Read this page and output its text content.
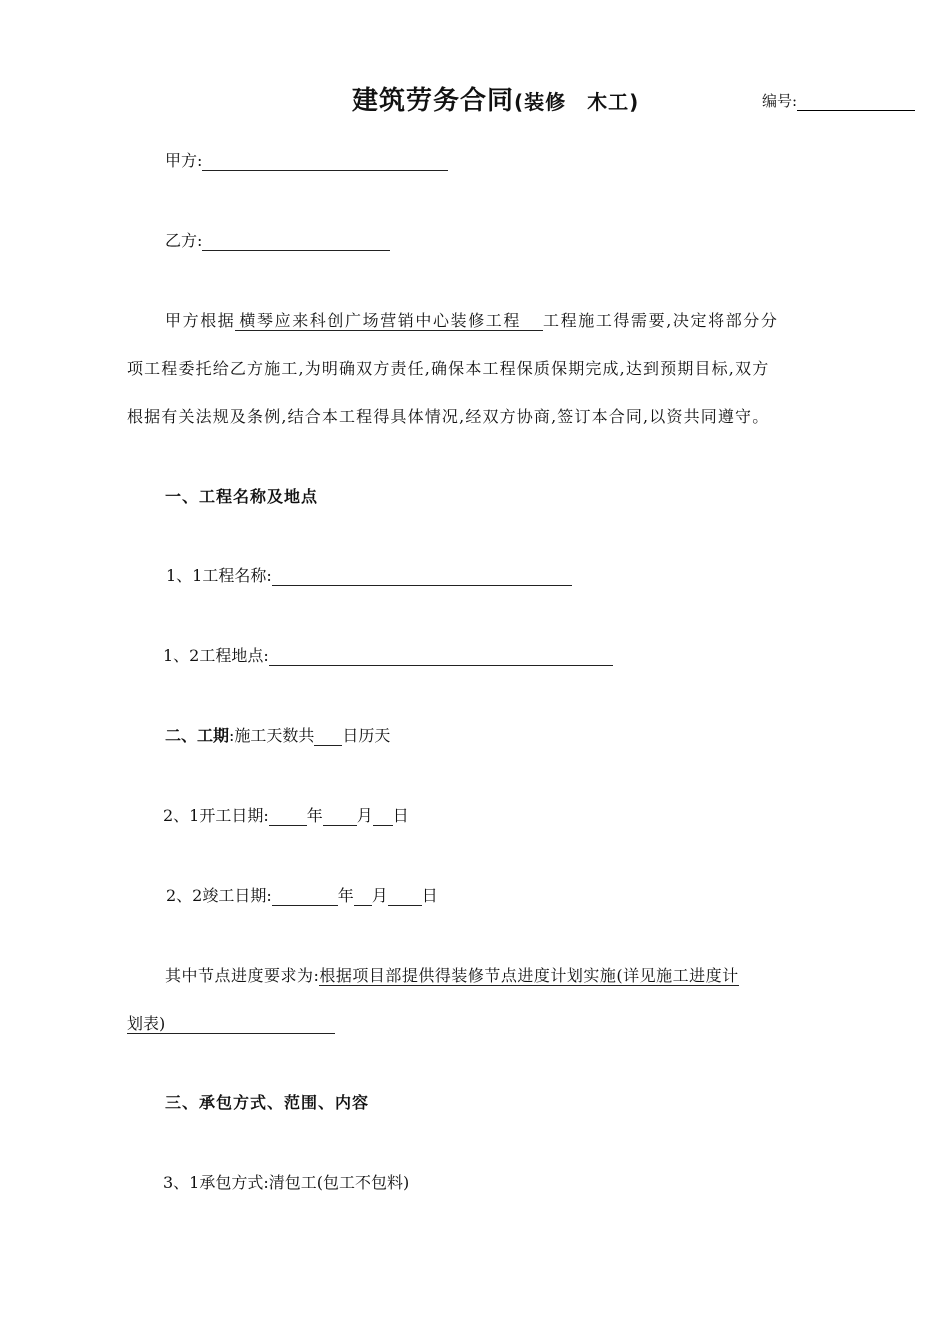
建筑劳务合同(装修　木工)	编号:
甲方:
乙方:
甲方根据 横琴应来科创广场营销中心装修工程 工程施工得需要,决定将部分分
项工程委托给乙方施工,为明确双方责任,确保本工程保质保期完成,达到预期目标,双方
根据有关法规及条例,结合本工程得具体情况,经双方协商,签订本合同,以资共同遵守。
一、工程名称及地点
1、1工程名称:
1、2工程地点:
二、工期:施工天数共 日历天
2、1开工日期: 年 月 日
2、2竣工日期:	年 月 日
其中节点进度要求为:根据项目部提供得装修节点进度计划实施(详见施工进度计
划表)
三、承包方式、范围、内容
3、1承包方式:清包工(包工不包料)
